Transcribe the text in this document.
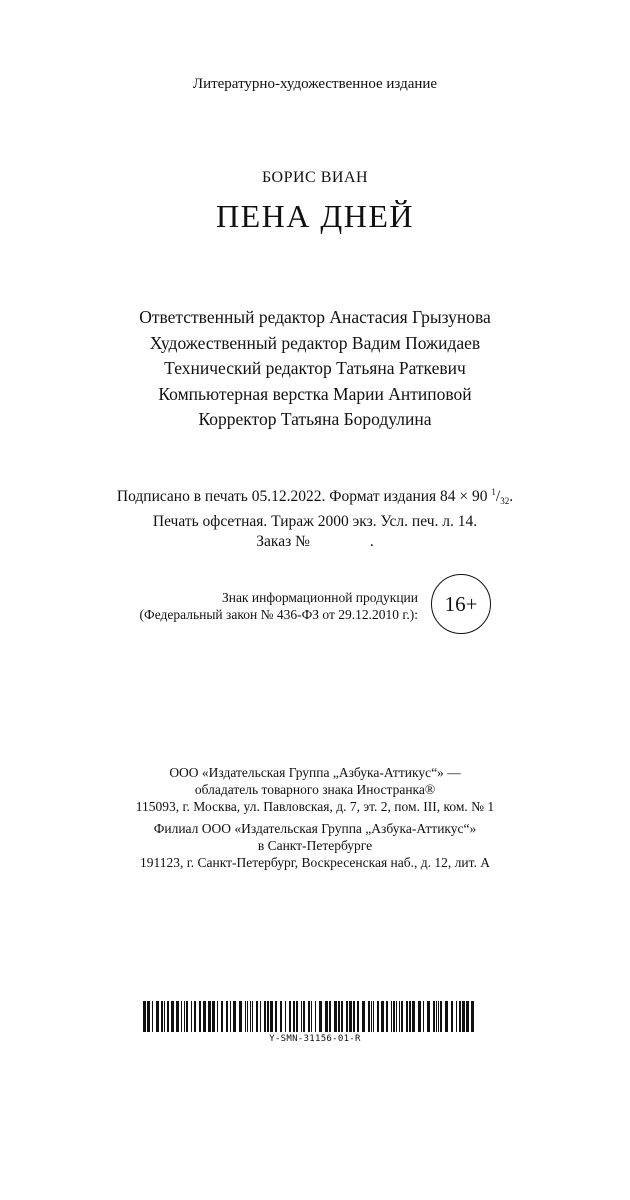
Литературно-художественное издание
БОРИС ВИАН
ПЕНА ДНЕЙ
Ответственный редактор Анастасия Грызунова
Художественный редактор Вадим Пожидаев
Технический редактор Татьяна Раткевич
Компьютерная верстка Марии Антиповой
Корректор Татьяна Бородулина
Подписано в печать 05.12.2022. Формат издания 84 × 90 $^1/_{32}$.
Печать офсетная. Тираж 2000 экз. Усл. печ. л. 14.
Заказ №	.
Знак информационной продукции
(Федеральный закон № 436-ФЗ от 29.12.2010 г.): 16+
ООО «Издательская Группа „Азбука-Аттикус“» —
обладатель товарного знака Иностранка®
115093, г. Москва, ул. Павловская, д. 7, эт. 2, пом. III, ком. № 1
Филиал ООО «Издательская Группа „Азбука-Аттикус“»
в Санкт-Петербурге
191123, г. Санкт-Петербург, Воскресенская наб., д. 12, лит. А
Y-SMN-31156-01-R
